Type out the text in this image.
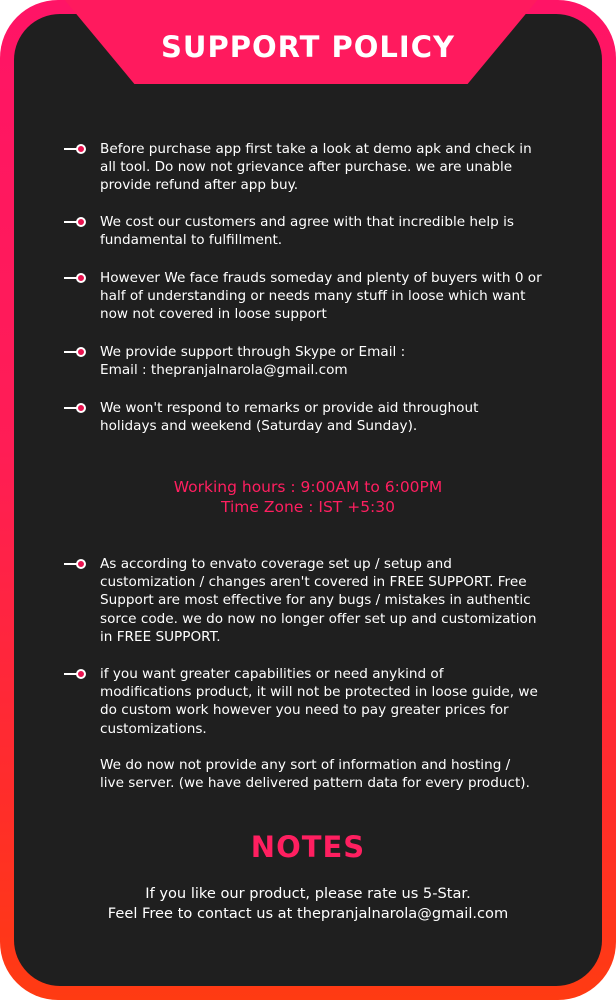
SUPPORT POLICY
Before purchase app first take a look at demo apk and check in
all tool. Do now not grievance after purchase. we are unable
provide refund after app buy.
We cost our customers and agree with that incredible help is
fundamental to fulfillment.
However We face frauds someday and plenty of buyers with 0 or
half of understanding or needs many stuff in loose which want
now not covered in loose support
We provide support through Skype or Email :
Email : thepranjalnarola@gmail.com
We won't respond to remarks or provide aid throughout
holidays and weekend (Saturday and Sunday).
Working hours : 9:00AM to 6:00PM
Time Zone : IST +5:30
As according to envato coverage set up / setup and
customization / changes aren't covered in FREE SUPPORT. Free
Support are most effective for any bugs / mistakes in authentic
sorce code. we do now no longer offer set up and customization
in FREE SUPPORT.
if you want greater capabilities or need anykind of
modifications product, it will not be protected in loose guide, we
do custom work however you need to pay greater prices for
customizations.
We do now not provide any sort of information and hosting /
live server. (we have delivered pattern data for every product).
NOTES
If you like our product, please rate us 5-Star.
Feel Free to contact us at thepranjalnarola@gmail.com
